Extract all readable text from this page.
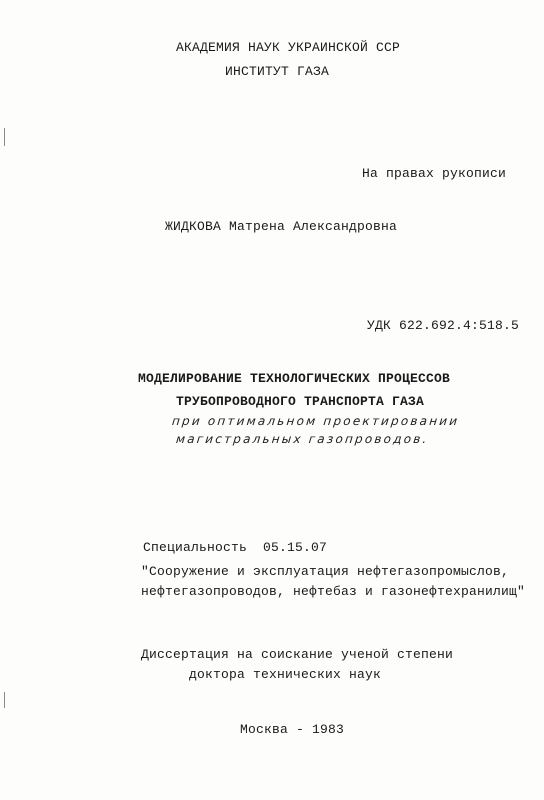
АКАДЕМИЯ НАУК УКРАИНСКОЙ ССР
ИНСТИТУТ ГАЗА
На правах рукописи
ЖИДКОВА Матрена Александровна
УДК 622.692.4:518.5
МОДЕЛИРОВАНИЕ ТЕХНОЛОГИЧЕСКИХ ПРОЦЕССОВ
ТРУБОПРОВОДНОГО ТРАНСПОРТА ГАЗА
при оптимальном проектировании
магистральных газопроводов.
Специальность 05.15.07
"Сооружение и эксплуатация нефтегазопромыслов,
нефтегазопроводов, нефтебаз и газонефтехранилищ"
Диссертация на соискание ученой степени
доктора технических наук
Москва - 1983
